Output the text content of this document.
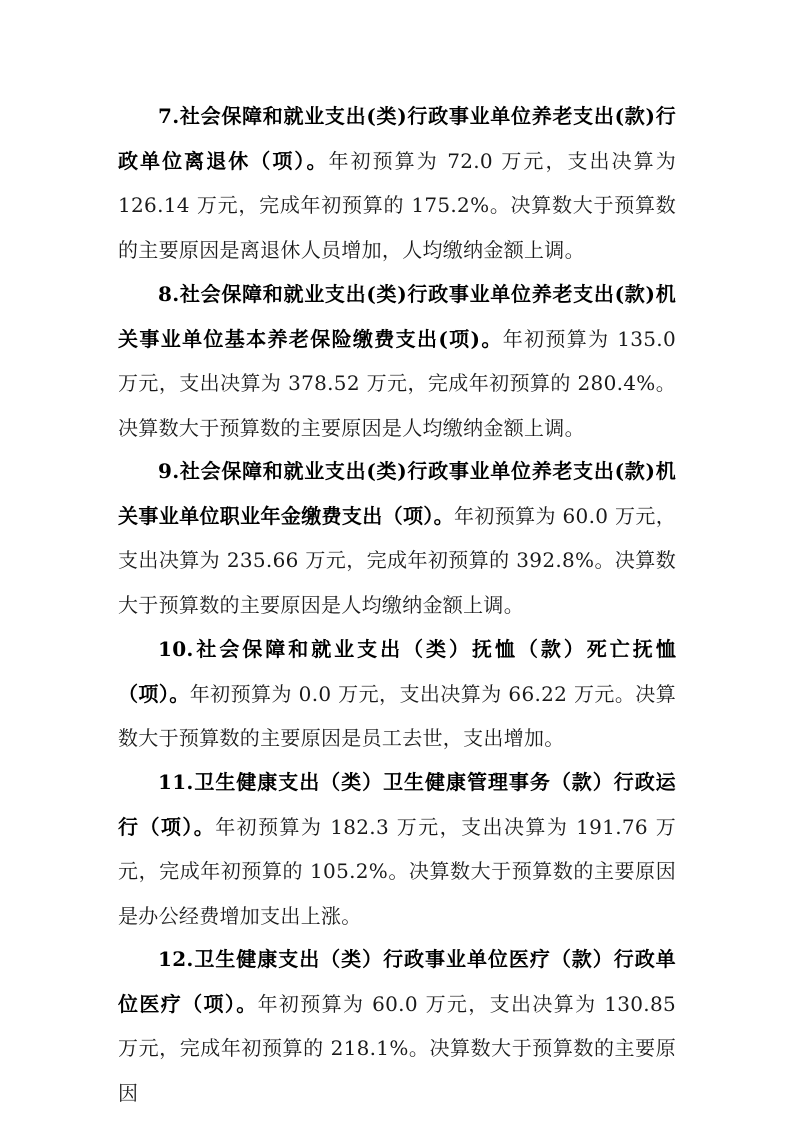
7.社会保障和就业支出(类)行政事业单位养老支出(款)行政单位离退休（项）。年初预算为 72.0 万元，支出决算为 126.14 万元，完成年初预算的 175.2%。决算数大于预算数的主要原因是离退休人员增加，人均缴纳金额上调。

8.社会保障和就业支出(类)行政事业单位养老支出(款)机关事业单位基本养老保险缴费支出(项)。年初预算为 135.0 万元，支出决算为 378.52 万元，完成年初预算的 280.4%。决算数大于预算数的主要原因是人均缴纳金额上调。

9.社会保障和就业支出(类)行政事业单位养老支出(款)机关事业单位职业年金缴费支出（项）。年初预算为 60.0 万元，支出决算为 235.66 万元，完成年初预算的 392.8%。决算数大于预算数的主要原因是人均缴纳金额上调。

10.社会保障和就业支出（类）抚恤（款）死亡抚恤（项）。年初预算为 0.0 万元，支出决算为 66.22 万元。决算数大于预算数的主要原因是员工去世，支出增加。

11.卫生健康支出（类）卫生健康管理事务（款）行政运行（项）。年初预算为 182.3 万元，支出决算为 191.76 万元，完成年初预算的 105.2%。决算数大于预算数的主要原因是办公经费增加支出上涨。

12.卫生健康支出（类）行政事业单位医疗（款）行政单位医疗（项）。年初预算为 60.0 万元，支出决算为 130.85 万元，完成年初预算的 218.1%。决算数大于预算数的主要原因
